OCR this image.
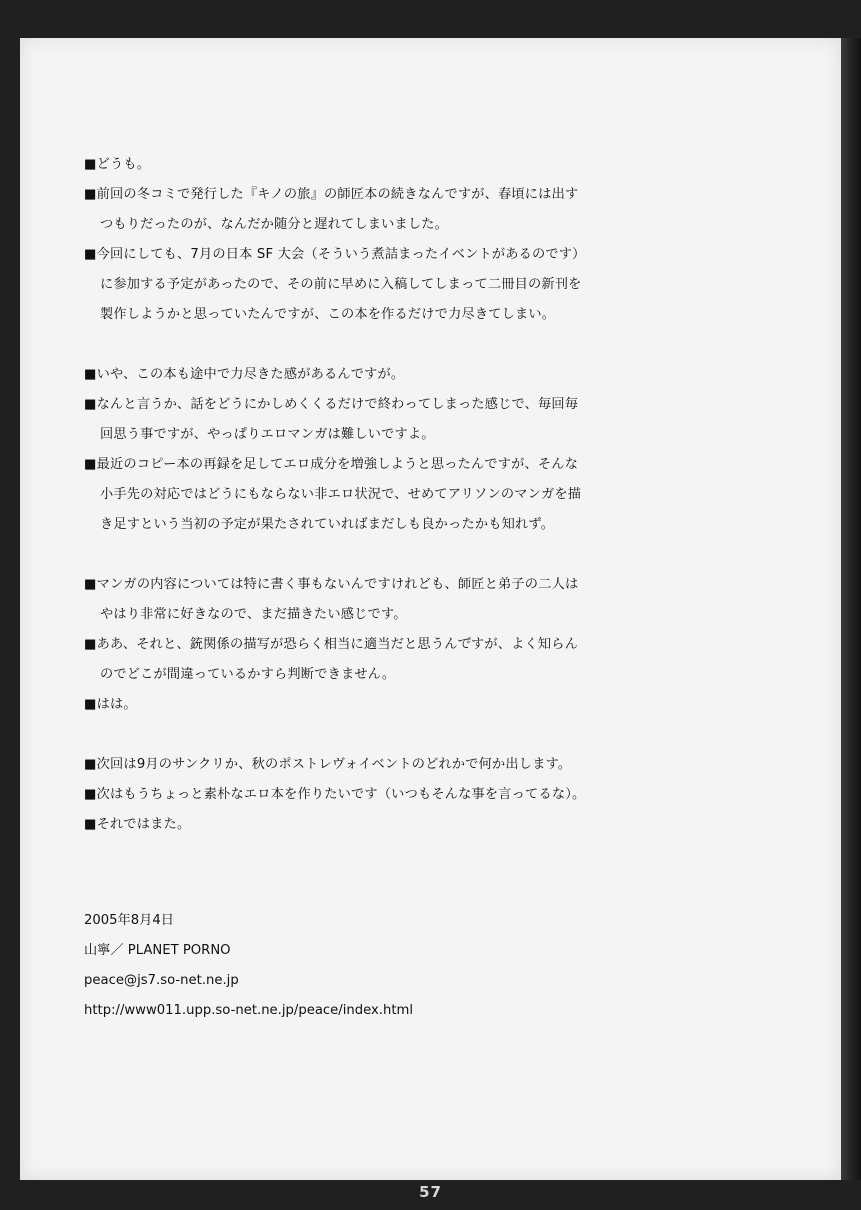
■どうも。
■前回の冬コミで発行した『キノの旅』の師匠本の続きなんですが、春頃には出す
つもりだったのが、なんだか随分と遅れてしまいました。
■今回にしても、7月の日本 SF 大会（そういう煮詰まったイベントがあるのです）
に参加する予定があったので、その前に早めに入稿してしまって二冊目の新刊を
製作しようかと思っていたんですが、この本を作るだけで力尽きてしまい。
■いや、この本も途中で力尽きた感があるんですが。
■なんと言うか、話をどうにかしめくくるだけで終わってしまった感じで、毎回毎
回思う事ですが、やっぱりエロマンガは難しいですよ。
■最近のコピー本の再録を足してエロ成分を増強しようと思ったんですが、そんな
小手先の対応ではどうにもならない非エロ状況で、せめてアリソンのマンガを描
き足すという当初の予定が果たされていればまだしも良かったかも知れず。
■マンガの内容については特に書く事もないんですけれども、師匠と弟子の二人は
やはり非常に好きなので、まだ描きたい感じです。
■ああ、それと、銃関係の描写が恐らく相当に適当だと思うんですが、よく知らん
のでどこが間違っているかすら判断できません。
■はは。
■次回は9月のサンクリか、秋のポストレヴォイベントのどれかで何か出します。
■次はもうちょっと素朴なエロ本を作りたいです（いつもそんな事を言ってるな）。
■それではまた。
2005年8月4日
山寧／ PLANET PORNO
peace@js7.so-net.ne.jp
http://www011.upp.so-net.ne.jp/peace/index.html
57
